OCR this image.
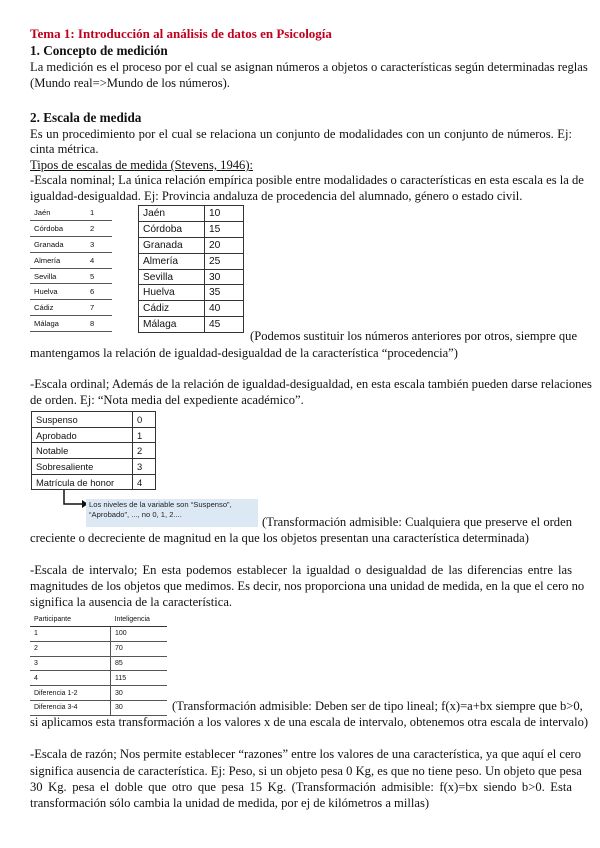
Tema 1: Introducción al análisis de datos en Psicología
1. Concepto de medición
La medición es el proceso por el cual se asignan números a objetos o características según determinadas reglas
(Mundo real=>Mundo de los números).
2. Escala de medida
Es un procedimiento por el cual se relaciona un conjunto de modalidades con un conjunto de números. Ej:
cinta métrica.
Tipos de escalas de medida (Stevens, 1946):
-Escala nominal; La única relación empírica posible entre modalidades o características en esta escala es la de
igualdad-desigualdad. Ej: Provincia andaluza de procedencia del alumnado, género o estado civil.
Jaén	1
Córdoba	2
Granada	3
Almería	4
Sevilla	5
Huelva	6
Cádiz	7
Málaga	8
Jaén	10
Córdoba	15
Granada	20
Almería	25
Sevilla	30
Huelva	35
Cádiz	40
Málaga	45
(Podemos sustituir los números anteriores por otros, siempre que
mantengamos la relación de igualdad-desigualdad de la característica “procedencia”)
-Escala ordinal; Además de la relación de igualdad-desigualdad, en esta escala también pueden darse relaciones
de orden. Ej: “Nota media del expediente académico”.
Suspenso	0
Aprobado	1
Notable	2
Sobresaliente	3
Matrícula de honor	4
Los niveles de la variable son “Suspenso”, “Aprobado”, ..., no 0, 1, 2....
(Transformación admisible: Cualquiera que preserve el orden
creciente o decreciente de magnitud en la que los objetos presentan una característica determinada)
-Escala de intervalo; En esta podemos establecer la igualdad o desigualdad de las diferencias entre las
magnitudes de los objetos que medimos. Es decir, nos proporciona una unidad de medida, en la que el cero no
significa la ausencia de la característica.
Participante	Inteligencia
1	100
2	70
3	85
4	115
Diferencia 1-2	30
Diferencia 3-4	30	(Transformación admisible: Deben ser de tipo lineal; f(x)=a+bx siempre que b>0,
si aplicamos esta transformación a los valores x de una escala de intervalo, obtenemos otra escala de intervalo)
-Escala de razón; Nos permite establecer “razones” entre los valores de una característica, ya que aquí el cero
significa ausencia de característica. Ej: Peso, si un objeto pesa 0 Kg, es que no tiene peso. Un objeto que pesa
30 Kg. pesa el doble que otro que pesa 15 Kg. (Transformación admisible: f(x)=bx siendo b>0. Esta
transformación sólo cambia la unidad de medida, por ej de kilómetros a millas)
